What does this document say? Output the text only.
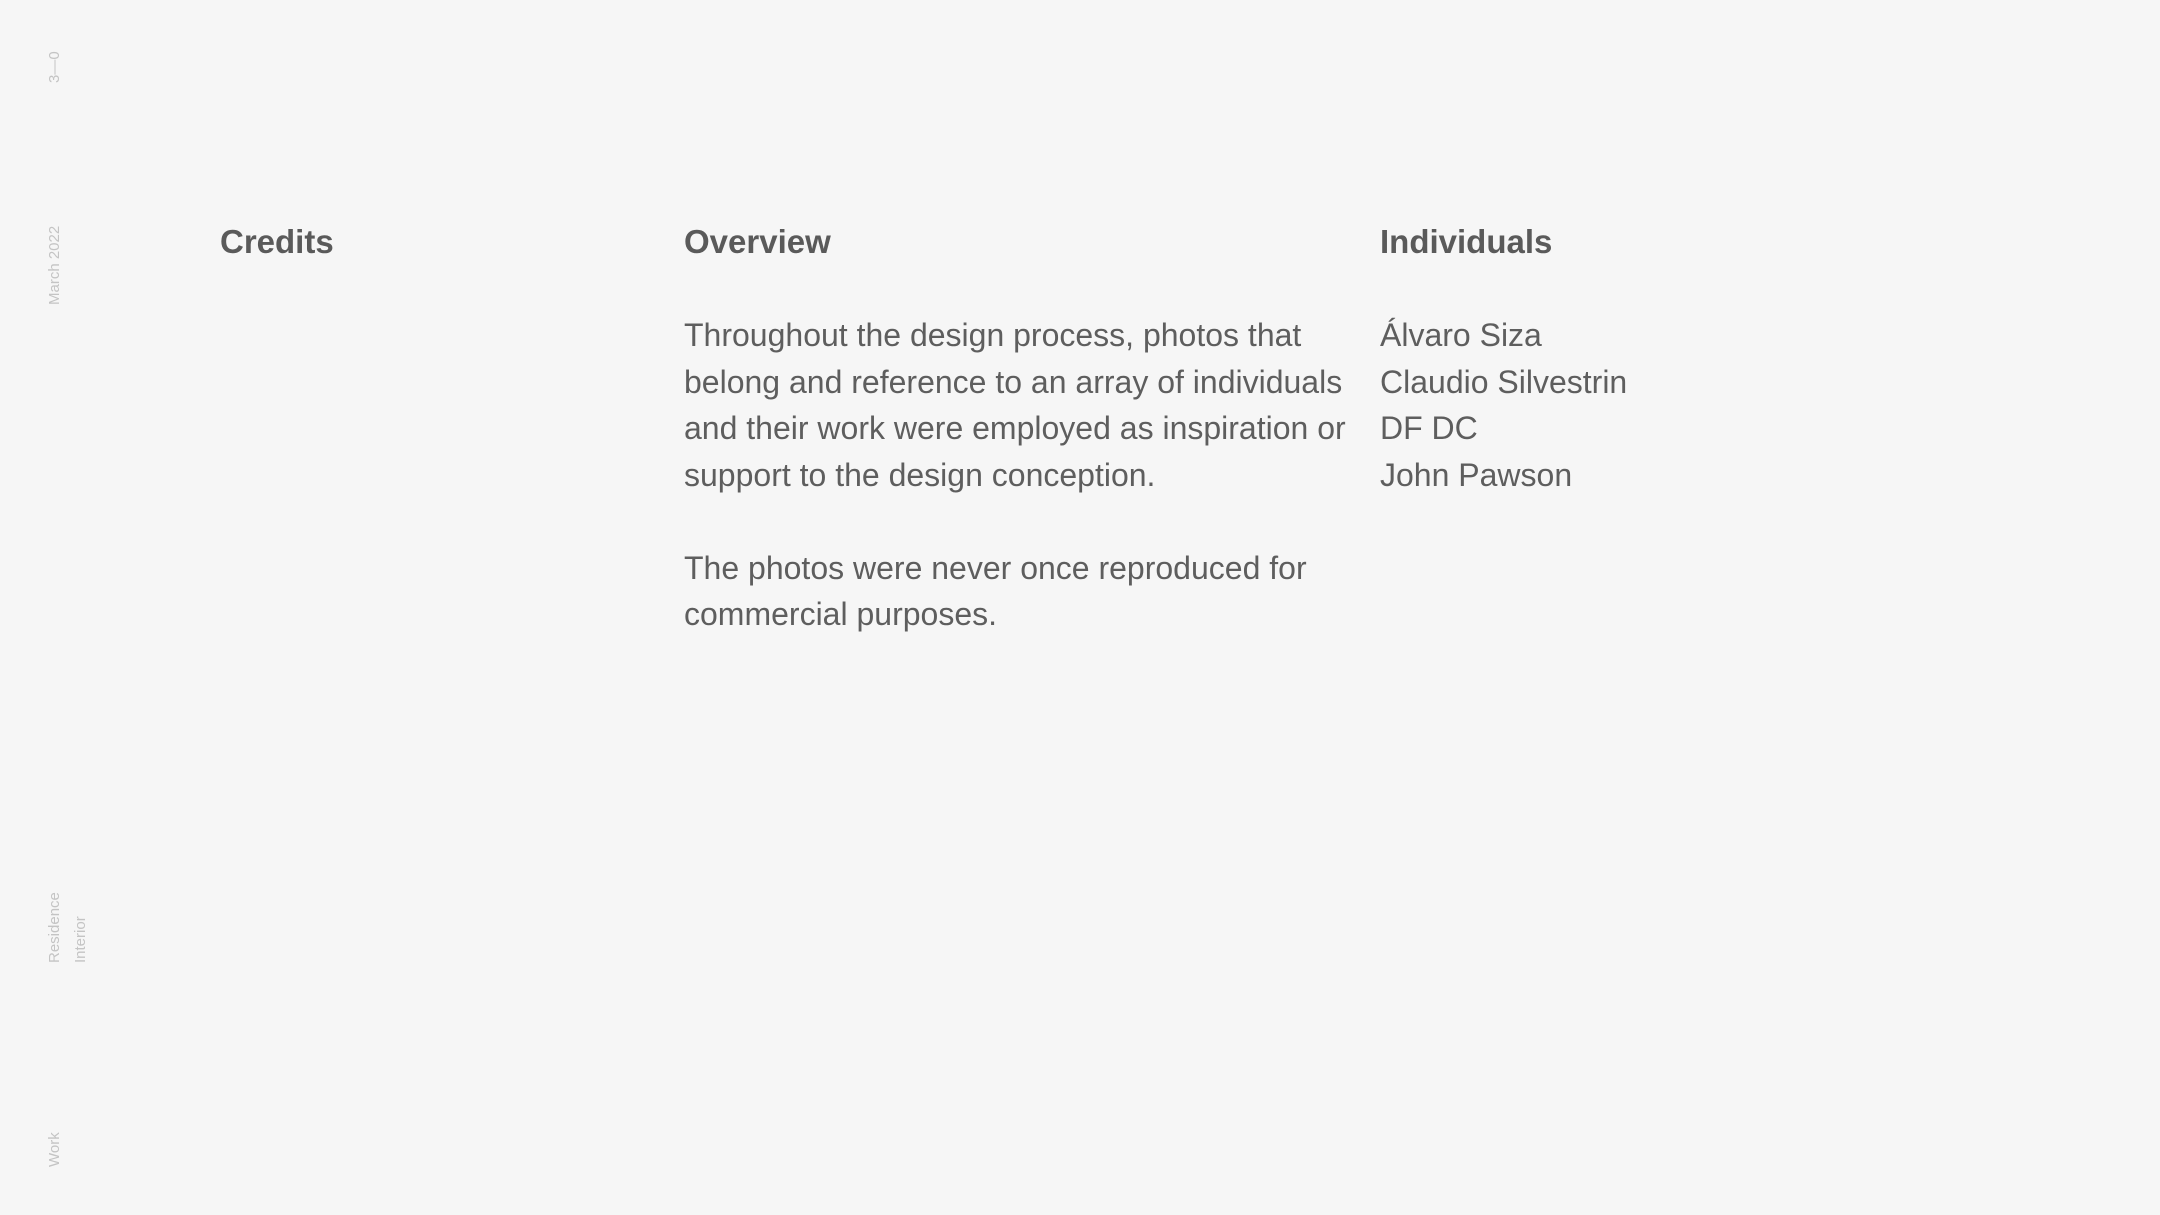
3—0
March 2022
Residence Interior
Work
Credits	Overview	Individuals

Throughout the design process, photos that belong and reference to an array of individuals and their work were employed as inspiration or support to the design conception.

The photos were never once reproduced for commercial purposes.

Álvaro Siza
Claudio Silvestrin
DF DC
John Pawson
